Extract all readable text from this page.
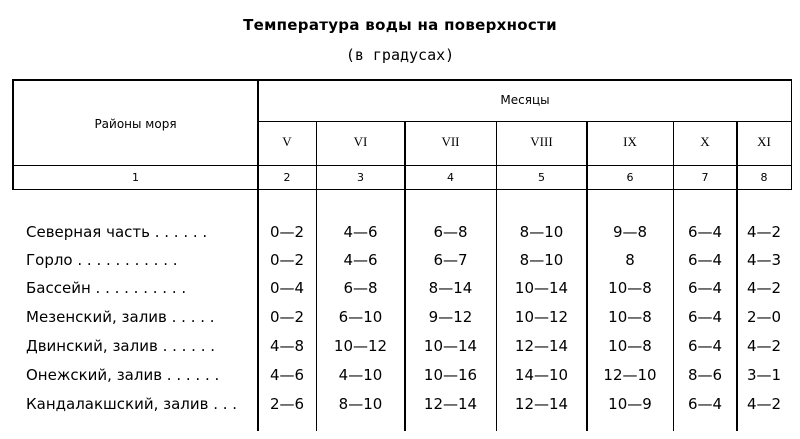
Температура воды на поверхности
(в градусах)
Районы моря
Месяцы
V	VI	VII	VIII	IX	X	XI
1	2	3	4	5	6	7	8
Северная часть . . . . . .	0—2	4—6	6—8	8—10	9—8	6—4	4—2
Горло . . . . . . . . . . .	0—2	4—6	6—7	8—10	8	6—4	4—3
Бассейн . . . . . . . . . .	0—4	6—8	8—14	10—14	10—8	6—4	4—2
Мезенский, залив . . . . .	0—2	6—10	9—12	10—12	10—8	6—4	2—0
Двинский, залив . . . . . .	4—8	10—12	10—14	12—14	10—8	6—4	4—2
Онежский, залив . . . . . .	4—6	4—10	10—16	14—10	12—10	8—6	3—1
Кандалакшский, залив . . .	2—6	8—10	12—14	12—14	10—9	6—4	4—2
